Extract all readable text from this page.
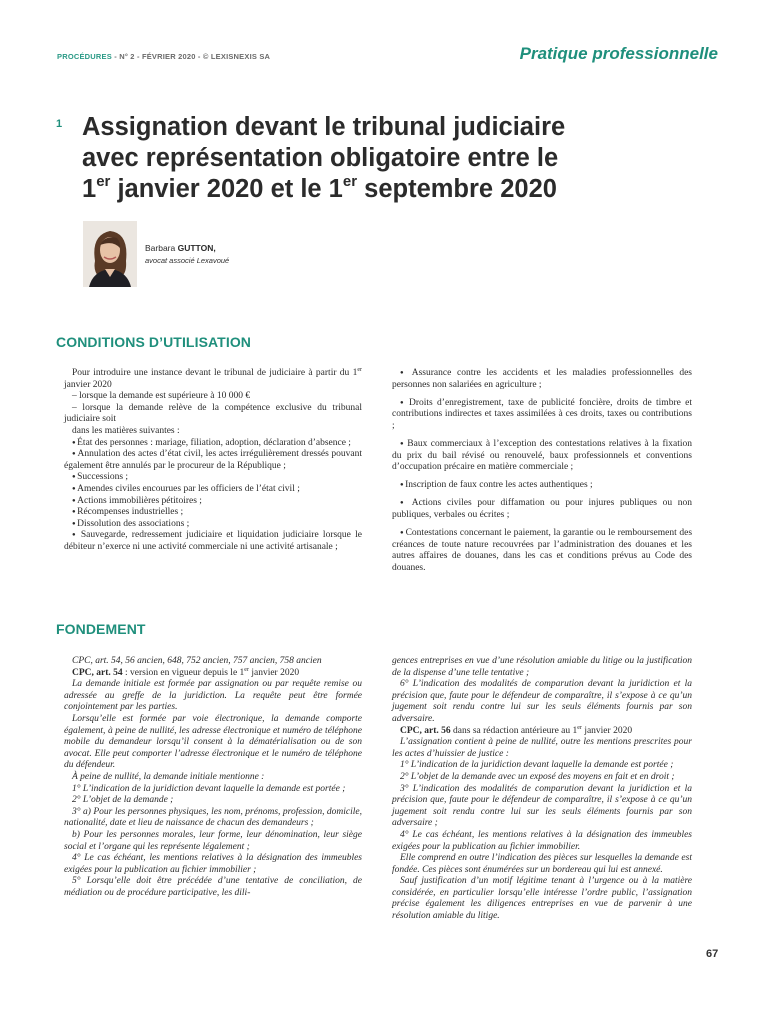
PROCÉDURES - N° 2 - FÉVRIER 2020 - © LEXISNEXIS SA	Pratique professionnelle
1 Assignation devant le tribunal judiciaire
avec représentation obligatoire entre le
1er janvier 2020 et le 1er septembre 2020
Barbara GUTTON,
avocat associé Lexavoué
CONDITIONS D’UTILISATION

Pour introduire une instance devant le tribunal de judiciaire à partir du 1er janvier 2020

– lorsque la demande est supérieure à 10 000 €

– lorsque la demande relève de la compétence exclusive du tribunal judiciaire soit

dans les matières suivantes :

● État des personnes : mariage, filiation, adoption, déclaration d’absence ;
● Annulation des actes d’état civil, les actes irrégulièrement dressés pouvant également être annulés par le procureur de la République ;
● Successions ;
● Amendes civiles encourues par les officiers de l’état civil ;
● Actions immobilières pétitoires ;
● Récompenses industrielles ;
● Dissolution des associations ;
● Sauvegarde, redressement judiciaire et liquidation judiciaire lorsque le débiteur n’exerce ni une activité commerciale ni une activité artisanale ;
● Assurance contre les accidents et les maladies professionnelles des personnes non salariées en agriculture ;
● Droits d’enregistrement, taxe de publicité foncière, droits de timbre et contributions indirectes et taxes assimilées à ces droits, taxes ou contributions ;
● Baux commerciaux à l’exception des contestations relatives à la fixation du prix du bail révisé ou renouvelé, baux professionnels et conventions d’occupation précaire en matière commerciale ;
● Inscription de faux contre les actes authentiques ;
● Actions civiles pour diffamation ou pour injures publiques ou non publiques, verbales ou écrites ;
● Contestations concernant le paiement, la garantie ou le remboursement des créances de toute nature recouvrées par l’administration des douanes et les autres affaires de douanes, dans les cas et conditions prévus au Code des douanes.
FONDEMENT

CPC, art. 54, 56 ancien, 648, 752 ancien, 757 ancien, 758 ancien

CPC, art. 54 : version en vigueur depuis le 1er janvier 2020

La demande initiale est formée par assignation ou par requête remise ou adressée au greffe de la juridiction. La requête peut être formée conjointement par les parties.

Lorsqu’elle est formée par voie électronique, la demande comporte également, à peine de nullité, les adresse électronique et numéro de téléphone mobile du demandeur lorsqu’il consent à la dématérialisation ou de son avocat. Elle peut comporter l’adresse électronique et le numéro de téléphone du défendeur.

À peine de nullité, la demande initiale mentionne :

1° L’indication de la juridiction devant laquelle la demande est portée ;

2° L’objet de la demande ;

3° a) Pour les personnes physiques, les nom, prénoms, profession, domicile, nationalité, date et lieu de naissance de chacun des demandeurs ;

b) Pour les personnes morales, leur forme, leur dénomination, leur siège social et l’organe qui les représente légalement ;

4° Le cas échéant, les mentions relatives à la désignation des immeubles exigées pour la publication au fichier immobilier ;

5° Lorsqu’elle doit être précédée d’une tentative de conciliation, de médiation ou de procédure participative, les dili-

gences entreprises en vue d’une résolution amiable du litige ou la justification de la dispense d’une telle tentative ;

6° L’indication des modalités de comparution devant la juridiction et la précision que, faute pour le défendeur de comparaître, il s’expose à ce qu’un jugement soit rendu contre lui sur les seuls éléments fournis par son adversaire.

CPC, art. 56 dans sa rédaction antérieure au 1er janvier 2020

L’assignation contient à peine de nullité, outre les mentions prescrites pour les actes d’huissier de justice :

1° L’indication de la juridiction devant laquelle la demande est portée ;

2° L’objet de la demande avec un exposé des moyens en fait et en droit ;

3° L’indication des modalités de comparution devant la juridiction et la précision que, faute pour le défendeur de comparaître, il s’expose à ce qu’un jugement soit rendu contre lui sur les seuls éléments fournis par son adversaire ;

4° Le cas échéant, les mentions relatives à la désignation des immeubles exigées pour la publication au fichier immobilier.

Elle comprend en outre l’indication des pièces sur lesquelles la demande est fondée. Ces pièces sont énumérées sur un bordereau qui lui est annexé.

Sauf justification d’un motif légitime tenant à l’urgence ou à la matière considérée, en particulier lorsqu’elle intéresse l’ordre public, l’assignation précise également les diligences entreprises en vue de parvenir à une résolution amiable du litige.

67
